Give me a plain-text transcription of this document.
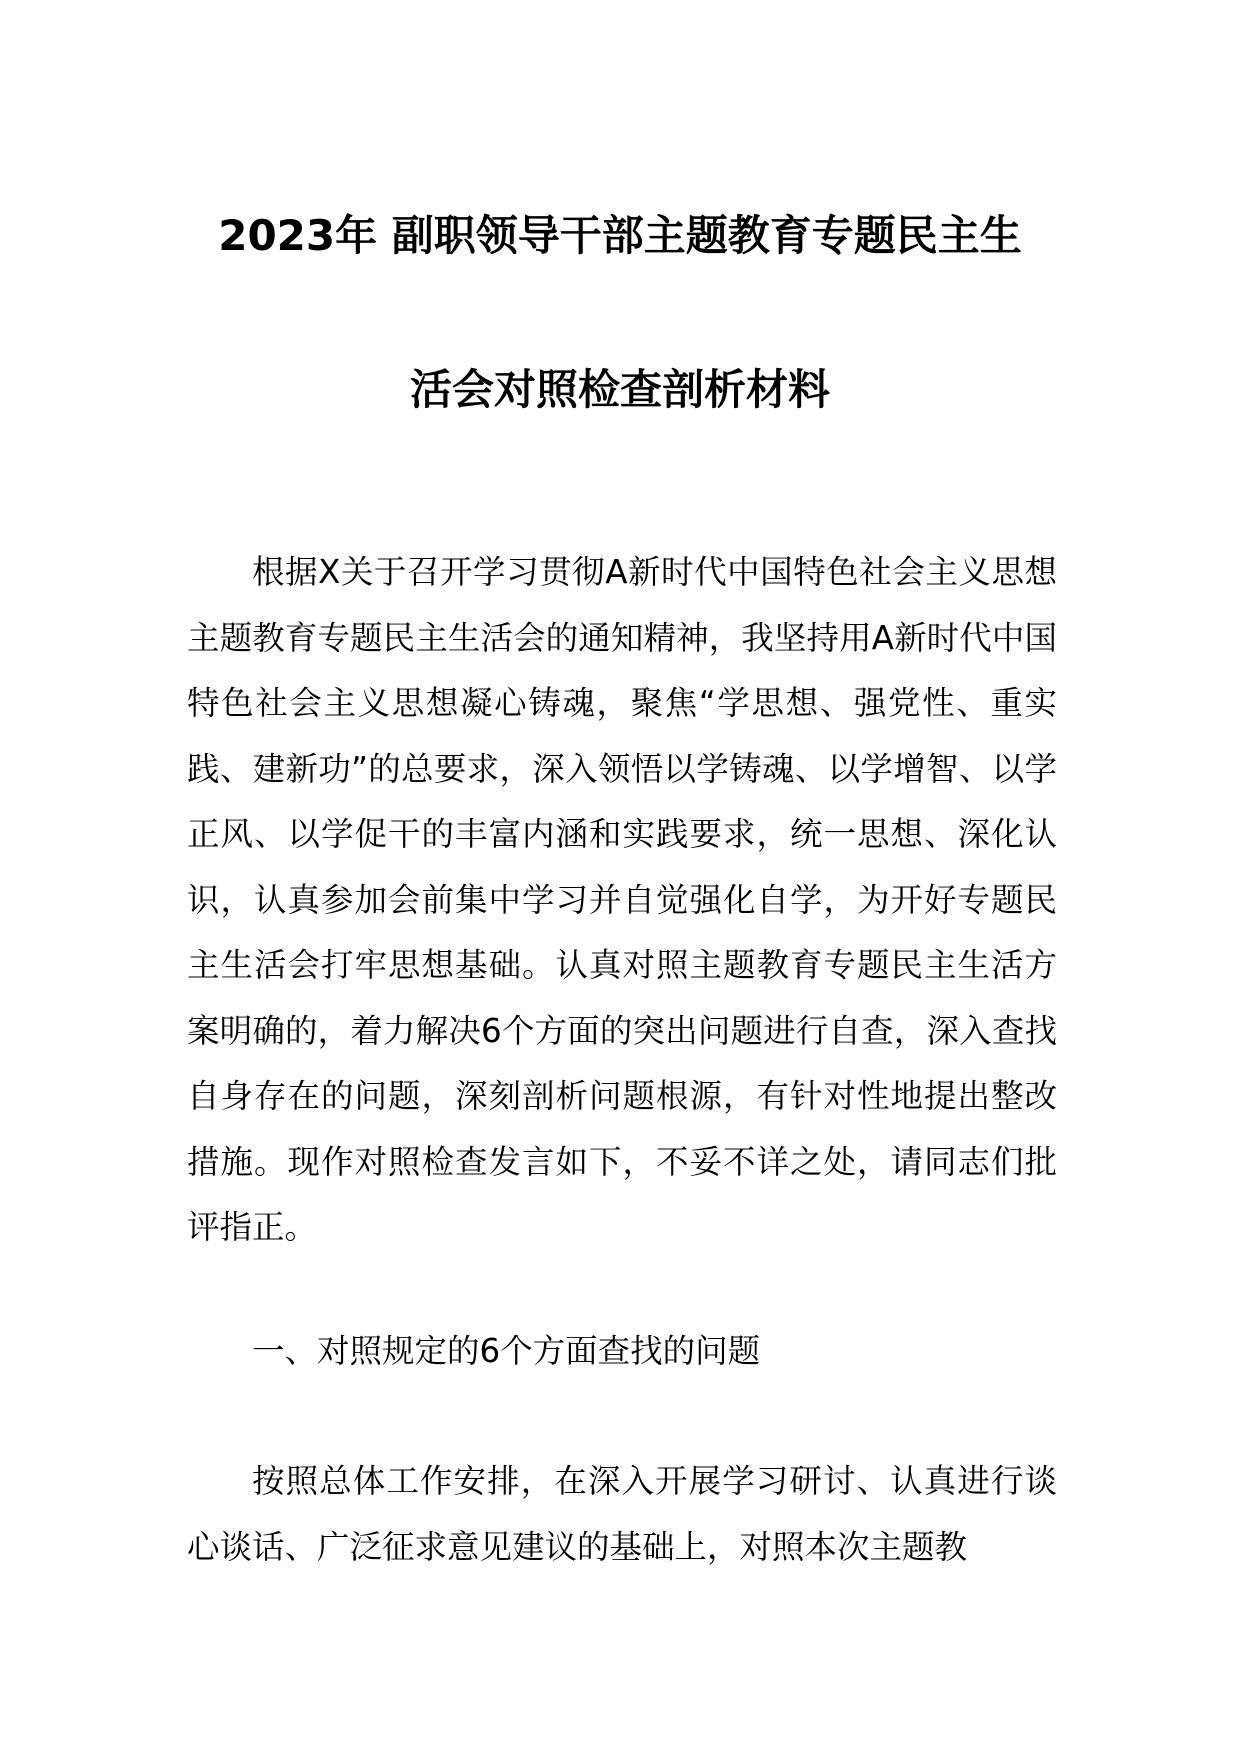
2023年 副职领导干部主题教育专题民主生
活会对照检查剖析材料
根据X关于召开学习贯彻A新时代中国特色社会主义思想主题教育专题民主生活会的通知精神，我坚持用A新时代中国特色社会主义思想凝心铸魂，聚焦“学思想、强党性、重实践、建新功”的总要求，深入领悟以学铸魂、以学增智、以学正风、以学促干的丰富内涵和实践要求，统一思想、深化认识，认真参加会前集中学习并自觉强化自学，为开好专题民主生活会打牢思想基础。认真对照主题教育专题民主生活方案明确的，着力解决6个方面的突出问题进行自查，深入查找自身存在的问题，深刻剖析问题根源，有针对性地提出整改措施。现作对照检查发言如下，不妥不详之处，请同志们批评指正。
一、对照规定的6个方面查找的问题
按照总体工作安排，在深入开展学习研讨、认真进行谈心谈话、广泛征求意见建议的基础上，对照本次主题教
